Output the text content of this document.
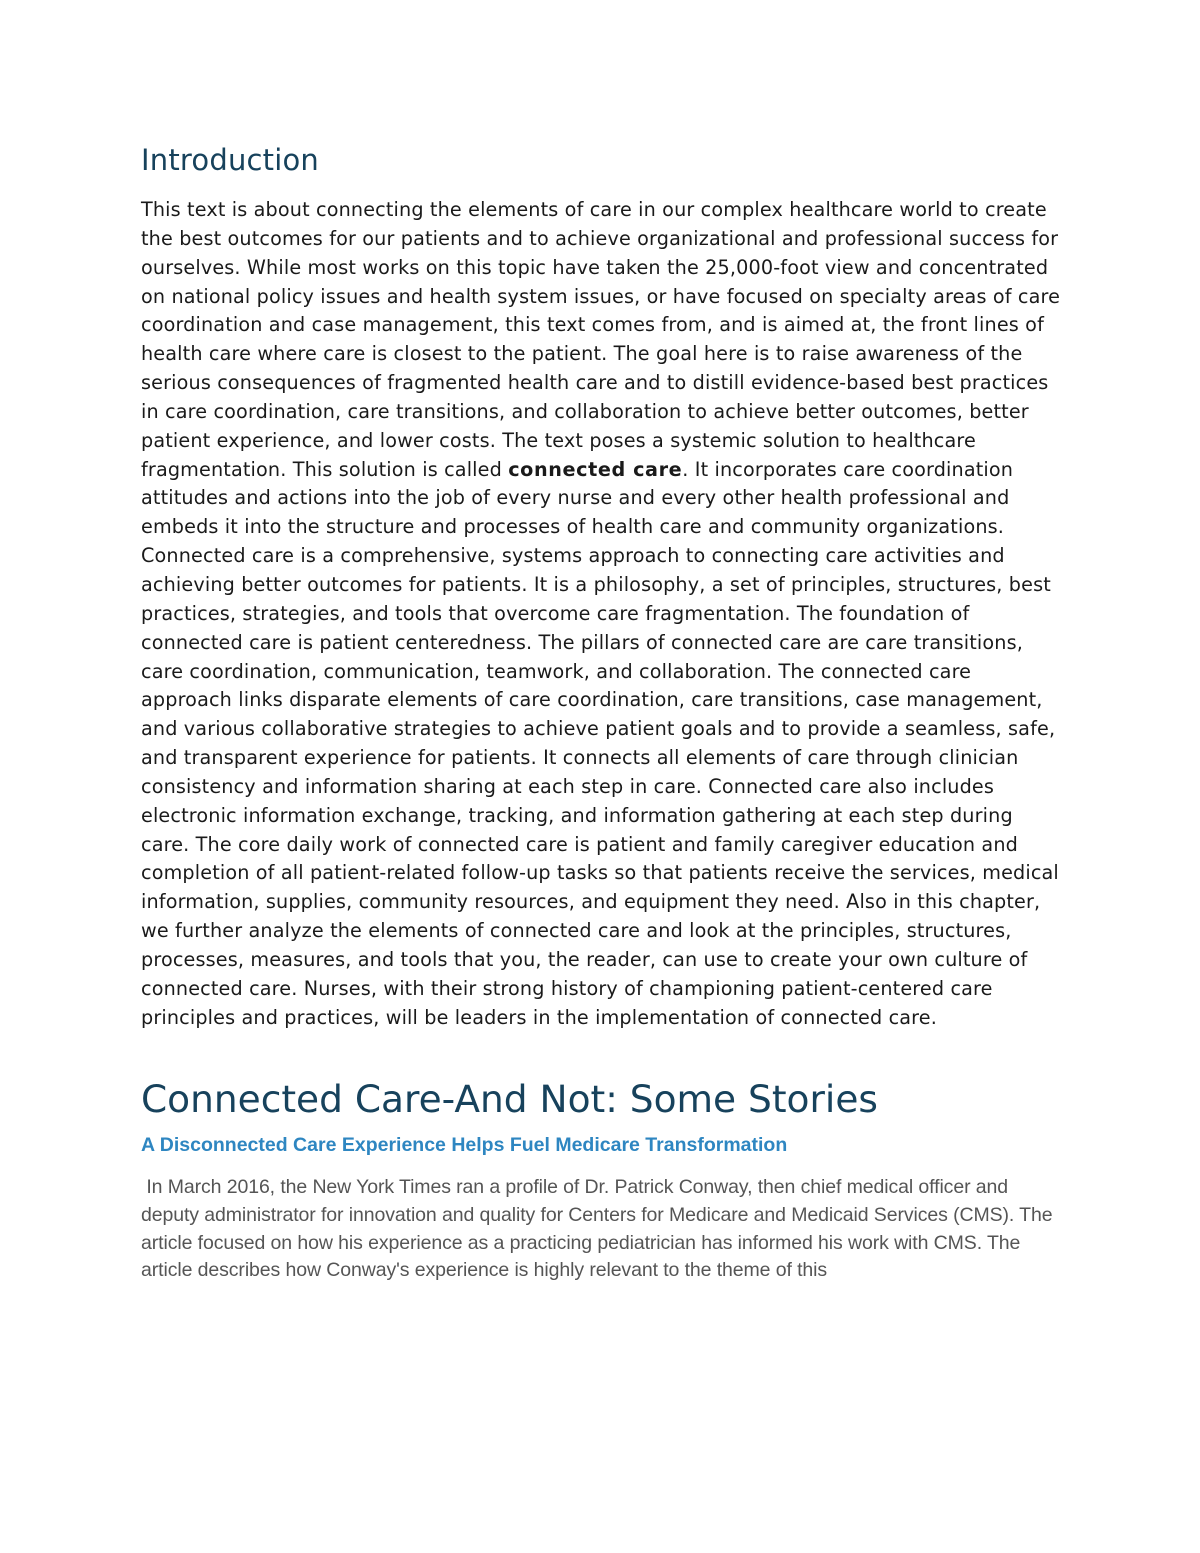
Introduction

This text is about connecting the elements of care in our complex healthcare world to create the best outcomes for our patients and to achieve organizational and professional success for ourselves. While most works on this topic have taken the 25,000-foot view and concentrated on national policy issues and health system issues, or have focused on specialty areas of care coordination and case management, this text comes from, and is aimed at, the front lines of health care where care is closest to the patient. The goal here is to raise awareness of the serious consequences of fragmented health care and to distill evidence-based best practices in care coordination, care transitions, and collaboration to achieve better outcomes, better patient experience, and lower costs. The text poses a systemic solution to healthcare fragmentation. This solution is called connected care. It incorporates care coordination attitudes and actions into the job of every nurse and every other health professional and embeds it into the structure and processes of health care and community organizations. Connected care is a comprehensive, systems approach to connecting care activities and achieving better outcomes for patients. It is a philosophy, a set of principles, structures, best practices, strategies, and tools that overcome care fragmentation. The foundation of connected care is patient centeredness. The pillars of connected care are care transitions, care coordination, communication, teamwork, and collaboration. The connected care approach links disparate elements of care coordination, care transitions, case management, and various collaborative strategies to achieve patient goals and to provide a seamless, safe, and transparent experience for patients. It connects all elements of care through clinician consistency and information sharing at each step in care. Connected care also includes electronic information exchange, tracking, and information gathering at each step during care. The core daily work of connected care is patient and family caregiver education and completion of all patient-related follow-up tasks so that patients receive the services, medical information, supplies, community resources, and equipment they need. Also in this chapter, we further analyze the elements of connected care and look at the principles, structures, processes, measures, and tools that you, the reader, can use to create your own culture of connected care. Nurses, with their strong history of championing patient-centered care principles and practices, will be leaders in the implementation of connected care.

Connected Care-And Not: Some Stories
A Disconnected Care Experience Helps Fuel Medicare Transformation

In March 2016, the New York Times ran a profile of Dr. Patrick Conway, then chief medical officer and deputy administrator for innovation and quality for Centers for Medicare and Medicaid Services (CMS). The article focused on how his experience as a practicing pediatrician has informed his work with CMS. The article describes how Conway's experience is highly relevant to the theme of this
